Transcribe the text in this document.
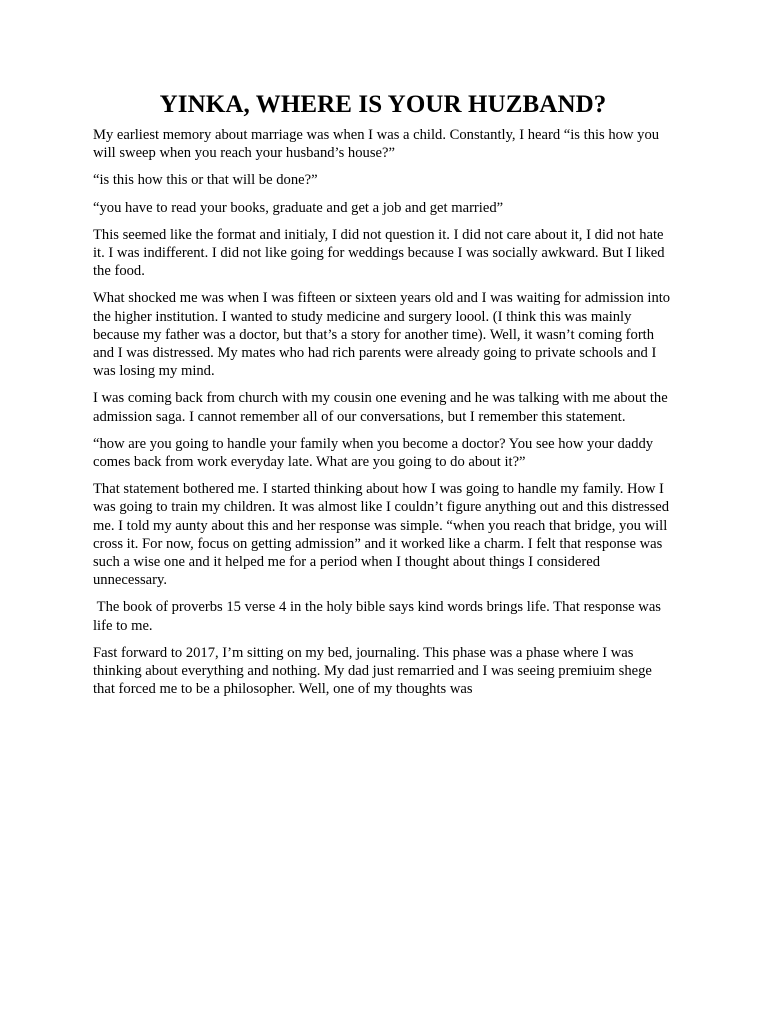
YINKA, WHERE IS YOUR HUZBAND?

My earliest memory about marriage was when I was a child. Constantly, I heard “is this how you will sweep when you reach your husband’s house?”

“is this how this or that will be done?”

“you have to read your books, graduate and get a job and get married”

This seemed like the format and initialy, I did not question it. I did not care about it, I did not hate it. I was indifferent. I did not like going for weddings because I was socially awkward. But I liked the food.

What shocked me was when I was fifteen or sixteen years old and I was waiting for admission into the higher institution. I wanted to study medicine and surgery loool. (I think this was mainly because my father was a doctor, but that’s a story for another time). Well, it wasn’t coming forth and I was distressed. My mates who had rich parents were already going to private schools and I was losing my mind.

I was coming back from church with my cousin one evening and he was talking with me about the admission saga. I cannot remember all of our conversations, but I remember this statement.

“how are you going to handle your family when you become a doctor? You see how your daddy comes back from work everyday late. What are you going to do about it?”

That statement bothered me. I started thinking about how I was going to handle my family. How I was going to train my children. It was almost like I couldn’t figure anything out and this distressed me. I told my aunty about this and her response was simple. “when you reach that bridge, you will cross it. For now, focus on getting admission” and it worked like a charm. I felt that response was such a wise one and it helped me for a period when I thought about things I considered unnecessary.

The book of proverbs 15 verse 4 in the holy bible says kind words brings life. That response was life to me.

Fast forward to 2017, I’m sitting on my bed, journaling. This phase was a phase where I was thinking about everything and nothing. My dad just remarried and I was seeing premiuim shege that forced me to be a philosopher. Well, one of my thoughts was
